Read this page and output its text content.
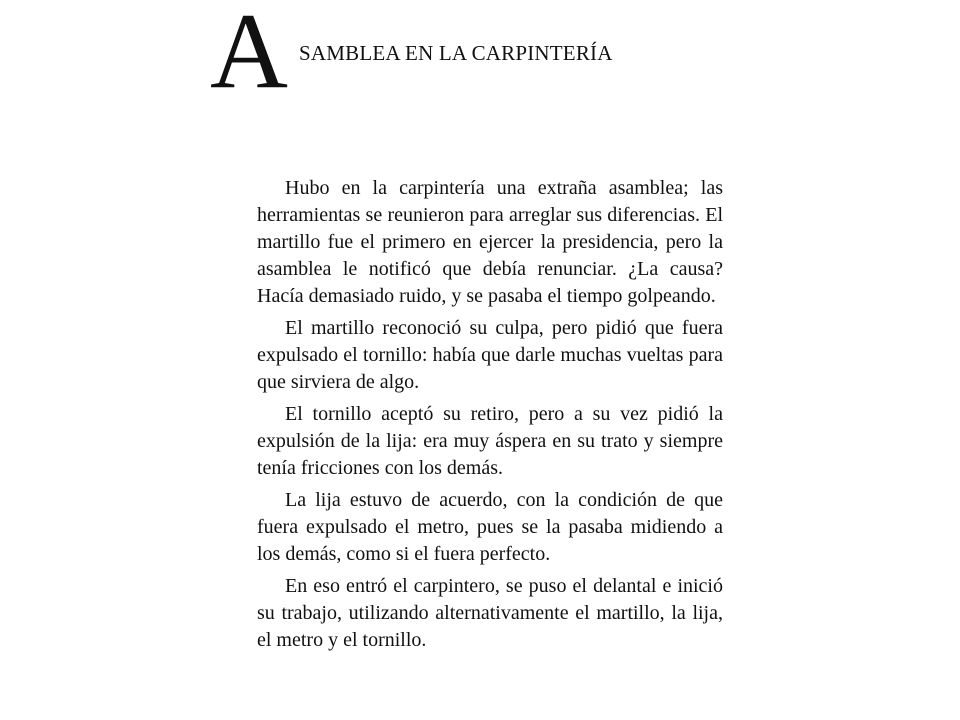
A SAMBLEA EN LA CARPINTERÍA

Hubo en la carpintería una extraña asamblea; las herramientas se reunieron para arreglar sus diferencias. El martillo fue el primero en ejercer la presidencia, pero la asamblea le notificó que debía renunciar. ¿La causa? Hacía demasiado ruido, y se pasaba el tiempo golpeando.

El martillo reconoció su culpa, pero pidió que fuera expulsado el tornillo: había que darle muchas vueltas para que sirviera de algo.

El tornillo aceptó su retiro, pero a su vez pidió la expulsión de la lija: era muy áspera en su trato y siempre tenía fricciones con los demás.

La lija estuvo de acuerdo, con la condición de que fuera expulsado el metro, pues se la pasaba midiendo a los demás, como si el fuera perfecto.

En eso entró el carpintero, se puso el delantal e inició su trabajo, utilizando alternativamente el martillo, la lija, el metro y el tornillo.
